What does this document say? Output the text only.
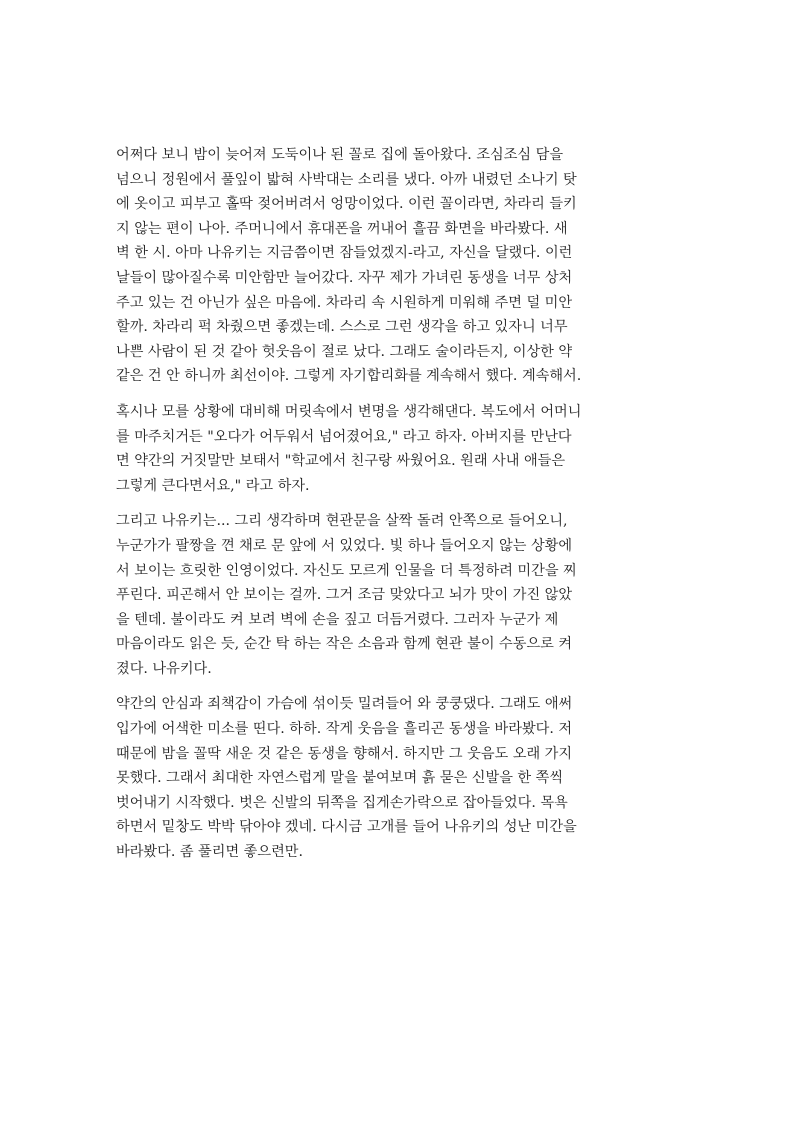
어쩌다 보니 밤이 늦어져 도둑이나 된 꼴로 집에 돌아왔다. 조심조심 담을
넘으니 정원에서 풀잎이 밟혀 사박대는 소리를 냈다. 아까 내렸던 소나기 탓
에 옷이고 피부고 홀딱 젖어버려서 엉망이었다. 이런 꼴이라면, 차라리 들키
지 않는 편이 나아. 주머니에서 휴대폰을 꺼내어 흘끔 화면을 바라봤다. 새
벽 한 시. 아마 나유키는 지금쯤이면 잠들었겠지-라고, 자신을 달랬다. 이런
날들이 많아질수록 미안함만 늘어갔다. 자꾸 제가 가녀린 동생을 너무 상처
주고 있는 건 아닌가 싶은 마음에. 차라리 속 시원하게 미워해 주면 덜 미안
할까. 차라리 퍽 차줬으면 좋겠는데. 스스로 그런 생각을 하고 있자니 너무
나쁜 사람이 된 것 같아 헛웃음이 절로 났다. 그래도 술이라든지, 이상한 약
같은 건 안 하니까 최선이야. 그렇게 자기합리화를 계속해서 했다. 계속해서.
혹시나 모를 상황에 대비해 머릿속에서 변명을 생각해댄다. 복도에서 어머니
를 마주치거든 "오다가 어두워서 넘어졌어요," 라고 하자. 아버지를 만난다
면 약간의 거짓말만 보태서 "학교에서 친구랑 싸웠어요. 원래 사내 애들은
그렇게 큰다면서요," 라고 하자.
그리고 나유키는... 그리 생각하며 현관문을 살짝 돌려 안쪽으로 들어오니,
누군가가 팔짱을 껸 채로 문 앞에 서 있었다. 빛 하나 들어오지 않는 상황에
서 보이는 흐릿한 인영이었다. 자신도 모르게 인물을 더 특정하려 미간을 찌
푸린다. 피곤해서 안 보이는 걸까. 그거 조금 맞았다고 뇌가 맛이 가진 않았
을 텐데. 불이라도 켜 보려 벽에 손을 짚고 더듬거렸다. 그러자 누군가 제
마음이라도 읽은 듯, 순간 탁 하는 작은 소음과 함께 현관 불이 수동으로 켜
졌다. 나유키다.
약간의 안심과 죄책감이 가슴에 섞이듯 밀려들어 와 쿵쿵댔다. 그래도 애써
입가에 어색한 미소를 띤다. 하하. 작게 웃음을 흘리곤 동생을 바라봤다. 저
때문에 밤을 꼴딱 새운 것 같은 동생을 향해서. 하지만 그 웃음도 오래 가지
못했다. 그래서 최대한 자연스럽게 말을 붙여보며 흙 묻은 신발을 한 쪽씩
벗어내기 시작했다. 벗은 신발의 뒤쪽을 집게손가락으로 잡아들었다. 목욕
하면서 밑창도 박박 닦아야 겠네. 다시금 고개를 들어 나유키의 성난 미간을
바라봤다. 좀 풀리면 좋으련만.
